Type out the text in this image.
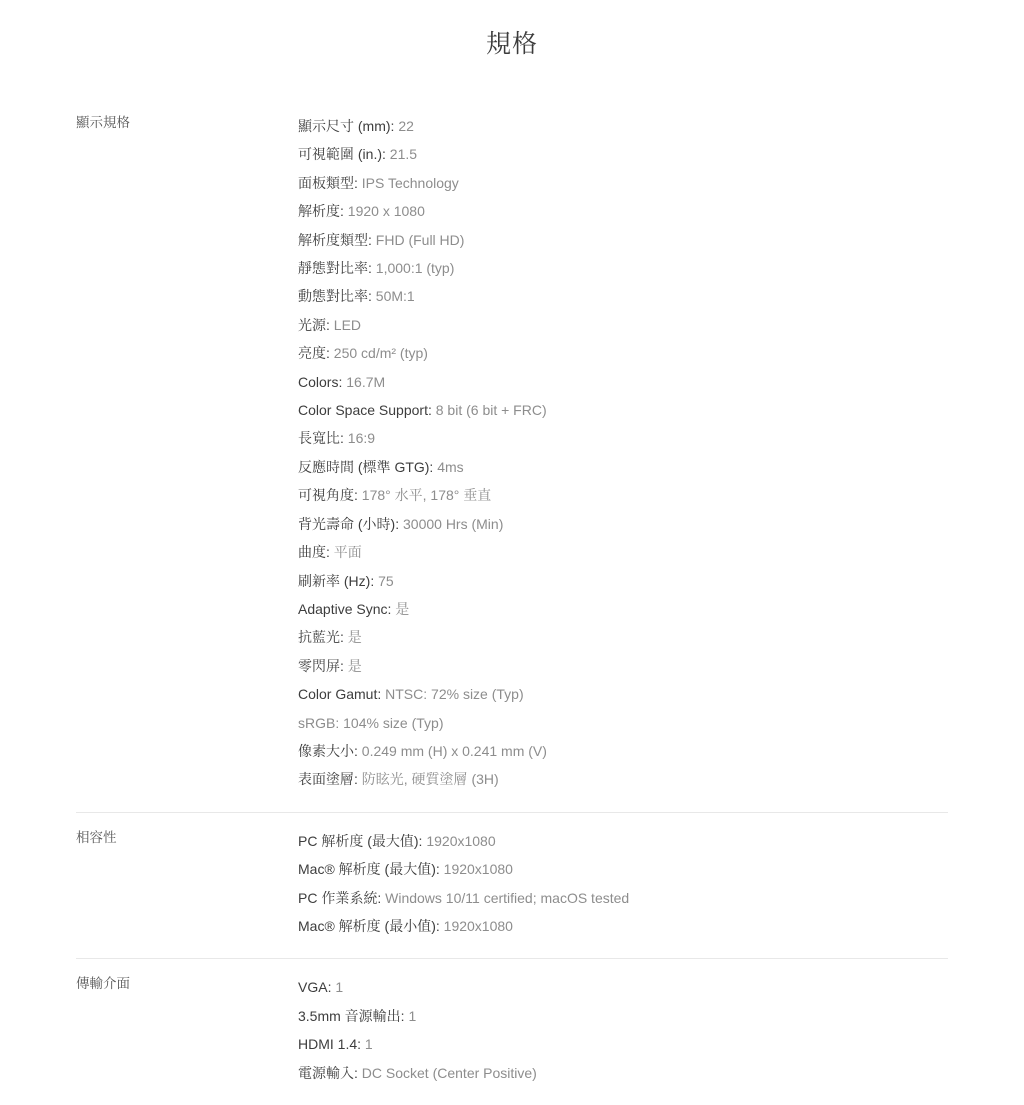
規格
顯示規格	顯示尺寸 (mm): 22
可視範圍 (in.): 21.5
面板類型: IPS Technology
解析度: 1920 x 1080
解析度類型: FHD (Full HD)
靜態對比率: 1,000:1 (typ)
動態對比率: 50M:1
光源: LED
亮度: 250 cd/m² (typ)
Colors: 16.7M
Color Space Support: 8 bit (6 bit + FRC)
長寬比: 16:9
反應時間 (標準 GTG): 4ms
可視角度: 178° 水平, 178° 垂直
背光壽命 (小時): 30000 Hrs (Min)
曲度: 平面
刷新率 (Hz): 75
Adaptive Sync: 是
抗藍光: 是
零閃屏: 是
Color Gamut: NTSC: 72% size (Typ)
sRGB: 104% size (Typ)
像素大小: 0.249 mm (H) x 0.241 mm (V)
表面塗層: 防眩光, 硬質塗層 (3H)

相容性	PC 解析度 (最大值): 1920x1080
Mac® 解析度 (最大值): 1920x1080
PC 作業系統: Windows 10/11 certified; macOS tested
Mac® 解析度 (最小值): 1920x1080

傳輸介面	VGA: 1
3.5mm 音源輸出: 1
HDMI 1.4: 1
電源輸入: DC Socket (Center Positive)
